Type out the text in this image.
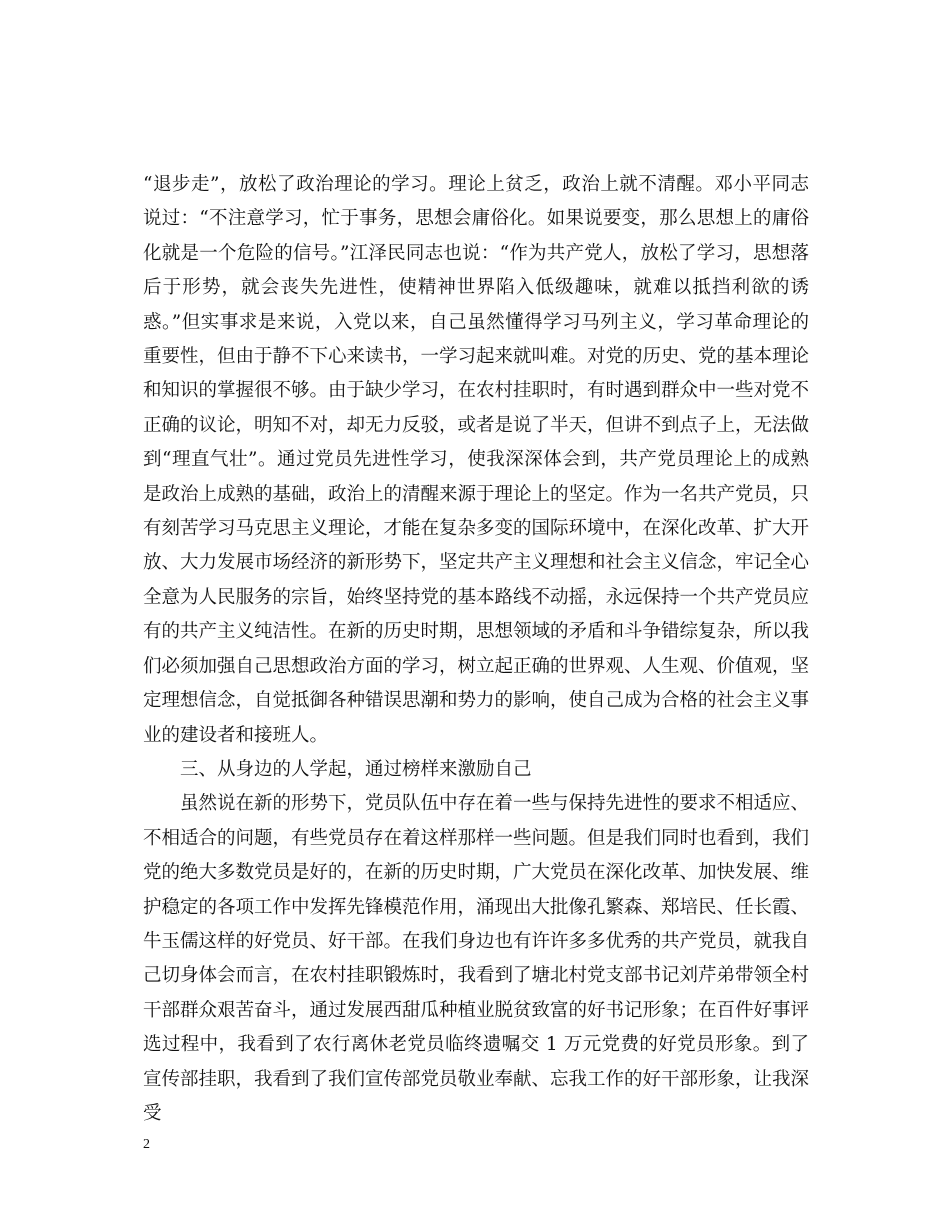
“退步走”，放松了政治理论的学习。理论上贫乏，政治上就不清醒。邓小平同志说过：“不注意学习，忙于事务，思想会庸俗化。如果说要变，那么思想上的庸俗化就是一个危险的信号。”江泽民同志也说：“作为共产党人，放松了学习，思想落后于形势，就会丧失先进性，使精神世界陷入低级趣味，就难以抵挡利欲的诱惑。”但实事求是来说，入党以来，自己虽然懂得学习马列主义，学习革命理论的重要性，但由于静不下心来读书，一学习起来就叫难。对党的历史、党的基本理论和知识的掌握很不够。由于缺少学习，在农村挂职时，有时遇到群众中一些对党不正确的议论，明知不对，却无力反驳，或者是说了半天，但讲不到点子上，无法做到“理直气壮”。通过党员先进性学习，使我深深体会到，共产党员理论上的成熟是政治上成熟的基础，政治上的清醒来源于理论上的坚定。作为一名共产党员，只有刻苦学习马克思主义理论，才能在复杂多变的国际环境中，在深化改革、扩大开放、大力发展市场经济的新形势下，坚定共产主义理想和社会主义信念，牢记全心全意为人民服务的宗旨，始终坚持党的基本路线不动摇，永远保持一个共产党员应有的共产主义纯洁性。在新的历史时期，思想领域的矛盾和斗争错综复杂，所以我们必须加强自己思想政治方面的学习，树立起正确的世界观、人生观、价值观，坚定理想信念，自觉抵御各种错误思潮和势力的影响，使自己成为合格的社会主义事业的建设者和接班人。

三、从身边的人学起，通过榜样来激励自己

虽然说在新的形势下，党员队伍中存在着一些与保持先进性的要求不相适应、不相适合的问题，有些党员存在着这样那样一些问题。但是我们同时也看到，我们党的绝大多数党员是好的，在新的历史时期，广大党员在深化改革、加快发展、维护稳定的各项工作中发挥先锋模范作用，涌现出大批像孔繁森、郑培民、任长霞、牛玉儒这样的好党员、好干部。在我们身边也有许许多多优秀的共产党员，就我自己切身体会而言，在农村挂职锻炼时，我看到了塘北村党支部书记刘芹弟带领全村干部群众艰苦奋斗，通过发展西甜瓜种植业脱贫致富的好书记形象；在百件好事评选过程中，我看到了农行离休老党员临终遗嘱交 1 万元党费的好党员形象。到了宣传部挂职，我看到了我们宣传部党员敬业奉献、忘我工作的好干部形象，让我深受

2
